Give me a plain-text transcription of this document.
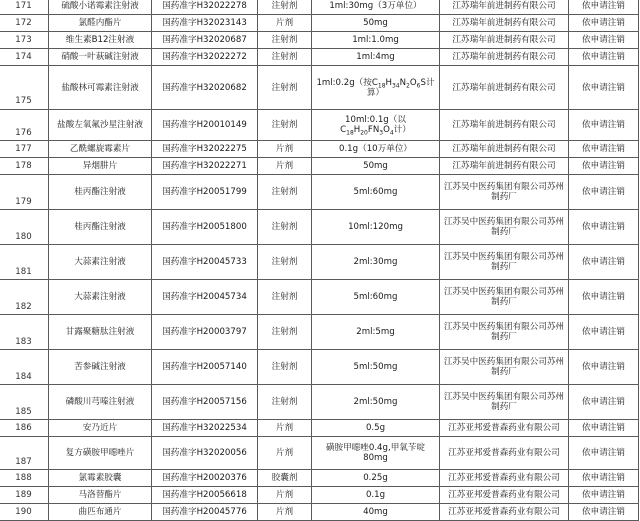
171	硫酸小诺霉素注射液	国药准字H32022278	注射剂	1ml:30mg（3万单位）	江苏瑞年前进制药有限公司	依申请注销
172	氯醛内酯片	国药准字H32023143	片剂	50mg	江苏瑞年前进制药有限公司	依申请注销
173	维生素B12注射液	国药准字H32020687	注射剂	1ml:1.0mg	江苏瑞年前进制药有限公司	依申请注销
174	硝酸一叶萩碱注射液	国药准字H32022272	注射剂	1ml:4mg	江苏瑞年前进制药有限公司	依申请注销
175	盐酸林可霉素注射液	国药准字H32020682	注射剂	1ml:0.2g（按$C_{18}H_{34}N_2O_6S$计算）	江苏瑞年前进制药有限公司	依申请注销
176	盐酸左氧氟沙星注射液	国药准字H20010149	注射剂	10ml:0.1g（以
$C_{18}H_{20}FN_3O_4$计）	江苏瑞年前进制药有限公司	依申请注销
177	乙酰螺旋霉素片	国药准字H32022275	片剂	0.1g（10万单位）	江苏瑞年前进制药有限公司	依申请注销
178	异烟肼片	国药准字H32022271	片剂	50mg	江苏瑞年前进制药有限公司	依申请注销
179	桂丙酯注射液	国药准字H20051799	注射剂	5ml:60mg	江苏吴中医药集团有限公司苏州制药厂	依申请注销
180	桂丙酯注射液	国药准字H20051800	注射剂	10ml:120mg	江苏吴中医药集团有限公司苏州制药厂	依申请注销
181	大蒜素注射液	国药准字H20045733	注射剂	2ml:30mg	江苏吴中医药集团有限公司苏州制药厂	依申请注销
182	大蒜素注射液	国药准字H20045734	注射剂	5ml:60mg	江苏吴中医药集团有限公司苏州制药厂	依申请注销
183	甘露聚糖肽注射液	国药准字H20003797	注射剂	2ml:5mg	江苏吴中医药集团有限公司苏州制药厂	依申请注销
184	苦参碱注射液	国药准字H20057140	注射剂	5ml:50mg	江苏吴中医药集团有限公司苏州制药厂	依申请注销
185	磷酸川芎嗪注射液	国药准字H20057156	注射剂	2ml:50mg	江苏吴中医药集团有限公司苏州制药厂	依申请注销
186	安乃近片	国药准字H32022534	片剂	0.5g	江苏亚邦爱普森药业有限公司	依申请注销
187	复方磺胺甲噁唑片	国药准字H32020056	片剂	磺胺甲噁唑0.4g,甲氧苄啶
80mg	江苏亚邦爱普森药业有限公司	依申请注销
188	氯霉素胶囊	国药准字H20020376	胶囊剂	0.25g	江苏亚邦爱普森药业有限公司	依申请注销
189	马洛替酯片	国药准字H20056618	片剂	0.1g	江苏亚邦爱普森药业有限公司	依申请注销
190	曲匹布通片	国药准字H20045776	片剂	40mg	江苏亚邦爱普森药业有限公司	依申请注销
